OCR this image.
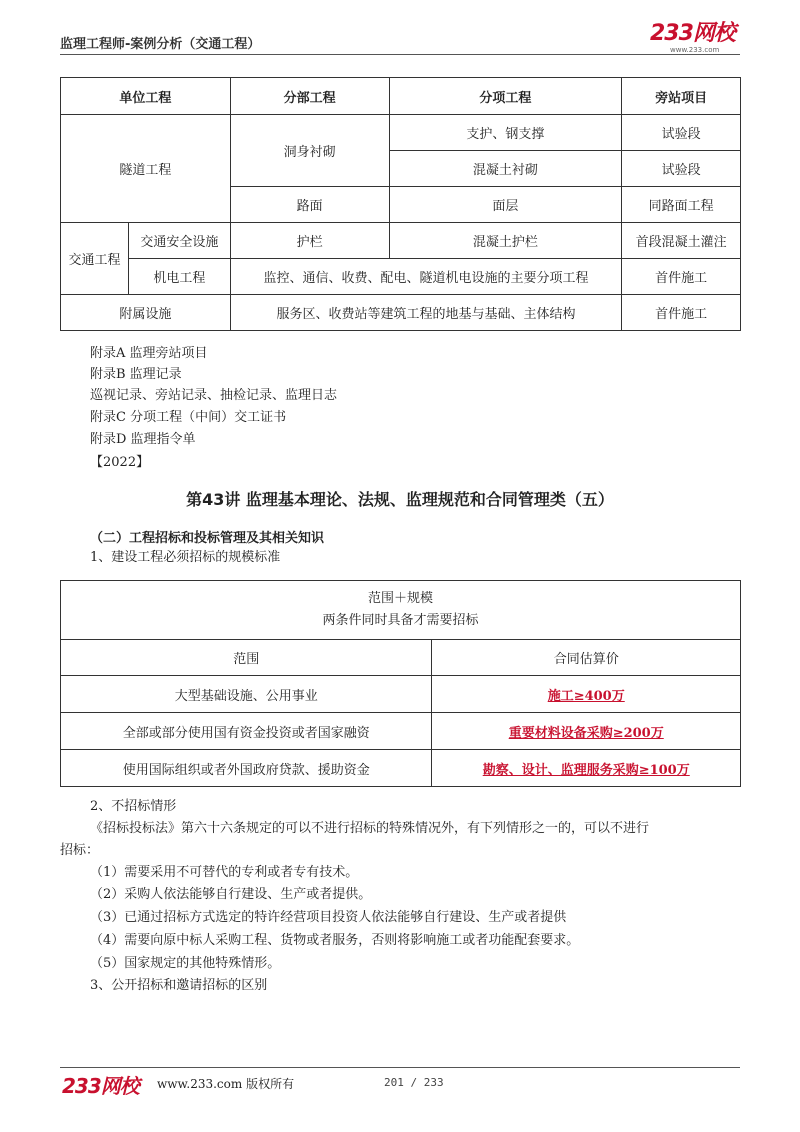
监理工程师-案例分析（交通工程）	233网校
www.233.com
单位工程		分部工程	分项工程	旁站项目
隧道工程		洞身衬砌	支护、钢支撑	试验段
			混凝土衬砌	试验段
		路面	面层	同路面工程
交通工程	交通安全设施	护栏	混凝土护栏	首段混凝土灌注
	机电工程	监控、通信、收费、配电、隧道机电设施的主要分项工程		首件施工
附属设施		服务区、收费站等建筑工程的地基与基础、主体结构		首件施工
附录A 监理旁站项目
附录B 监理记录
巡视记录、旁站记录、抽检记录、监理日志
附录C 分项工程（中间）交工证书
附录D 监理指令单
【2022】
第43讲 监理基本理论、法规、监理规范和合同管理类（五）
（二）工程招标和投标管理及其相关知识
1、建设工程必须招标的规模标准
范围＋规模
两条件同时具备才需要招标	

范围	合同估算价
大型基础设施、公用事业	施工≥400万
全部或部分使用国有资金投资或者国家融资	重要材料设备采购≥200万
使用国际组织或者外国政府贷款、援助资金	勘察、设计、监理服务采购≥100万
2、不招标情形
《招标投标法》第六十六条规定的可以不进行招标的特殊情况外，有下列情形之一的，可以不进行
招标：
（1）需要采用不可替代的专利或者专有技术。
（2）采购人依法能够自行建设、生产或者提供。
（3）已通过招标方式选定的特许经营项目投资人依法能够自行建设、生产或者提供
（4）需要向原中标人采购工程、货物或者服务，否则将影响施工或者功能配套要求。
（5）国家规定的其他特殊情形。
3、公开招标和邀请招标的区别
233网校 www.233.com 版权所有	201 / 233
